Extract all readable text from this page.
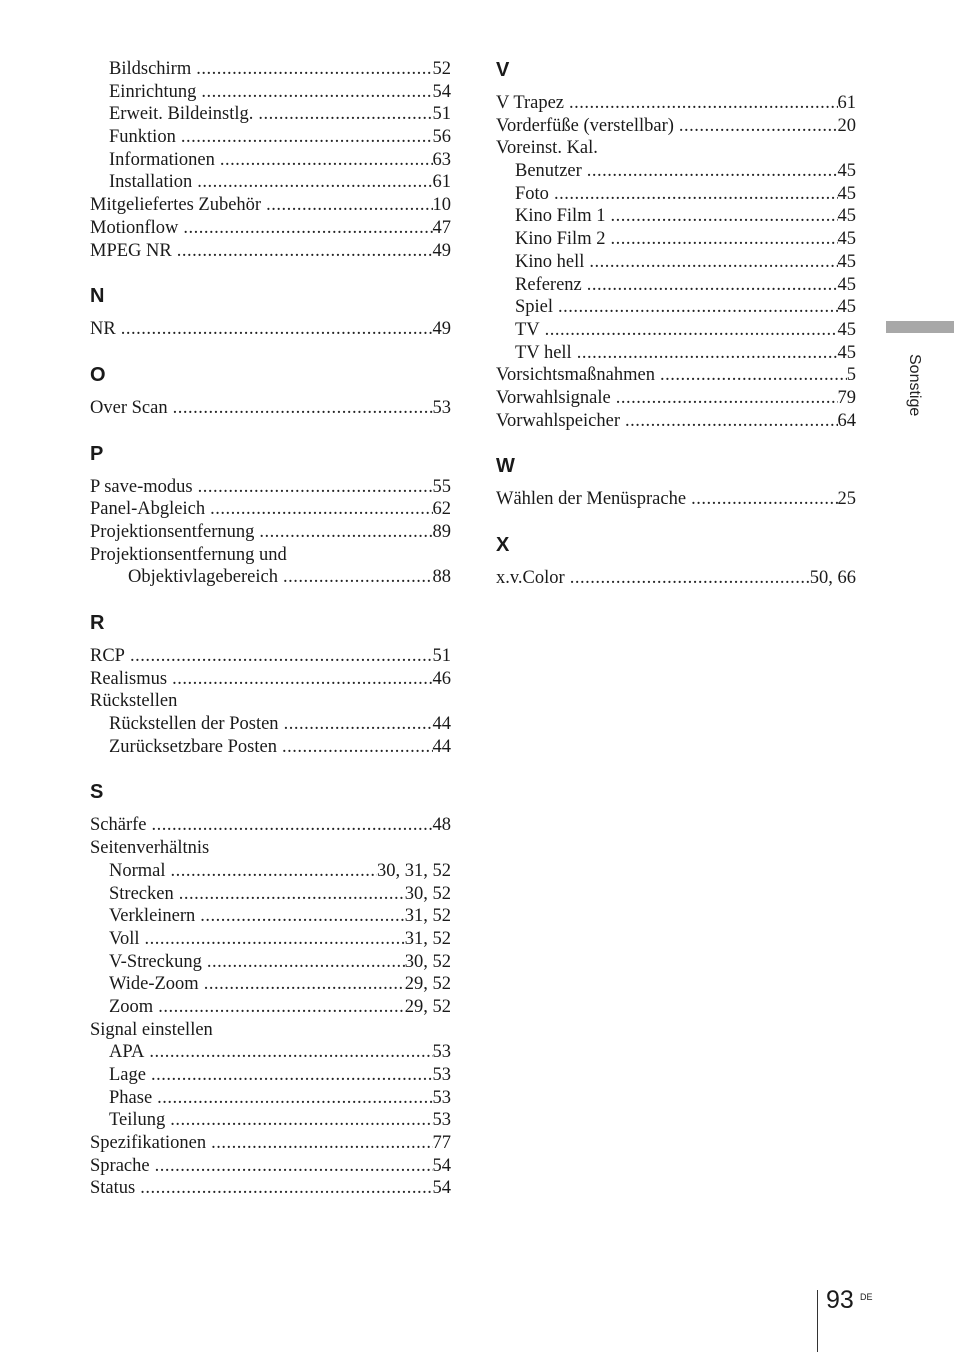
Bildschirm .....	52
Einrichtung .....	54
Erweit. Bildeinstlg. .....	51
Funktion .....	56
Informationen .....	63
Installation .....	61
Mitgeliefertes Zubehör .....	10
Motionflow .....	47
MPEG NR .....	49
N
NR .....	49
O
Over Scan .....	53
P
P save-modus .....	55
Panel-Abgleich .....	62
Projektionsentfernung .....	89
Projektionsentfernung und
Objektivlagebereich .....	88
R
RCP .....	51
Realismus .....	46
Rückstellen
Rückstellen der Posten .....	44
Zurücksetzbare Posten .....	44
S
Schärfe .....	48
Seitenverhältnis
Normal .....	30, 31, 52
Strecken .....	30, 52
Verkleinern .....	31, 52
Voll .....	31, 52
V-Streckung .....	30, 52
Wide-Zoom .....	29, 52
Zoom .....	29, 52
Signal einstellen
APA .....	53
Lage .....	53
Phase .....	53
Teilung .....	53
Spezifikationen .....	77
Sprache .....	54
Status .....	54
V
V Trapez .....	61
Vorderfüße (verstellbar) .....	20
Voreinst. Kal.
Benutzer .....	45
Foto .....	45
Kino Film 1 .....	45
Kino Film 2 .....	45
Kino hell .....	45
Referenz .....	45
Spiel .....	45
TV .....	45
TV hell .....	45
Vorsichtsmaßnahmen .....	5
Vorwahlsignale .....	79
Vorwahlspeicher .....	64
W
Wählen der Menüsprache .....	25
X
x.v.Color .....	50, 66
Sonstige
93 DE
